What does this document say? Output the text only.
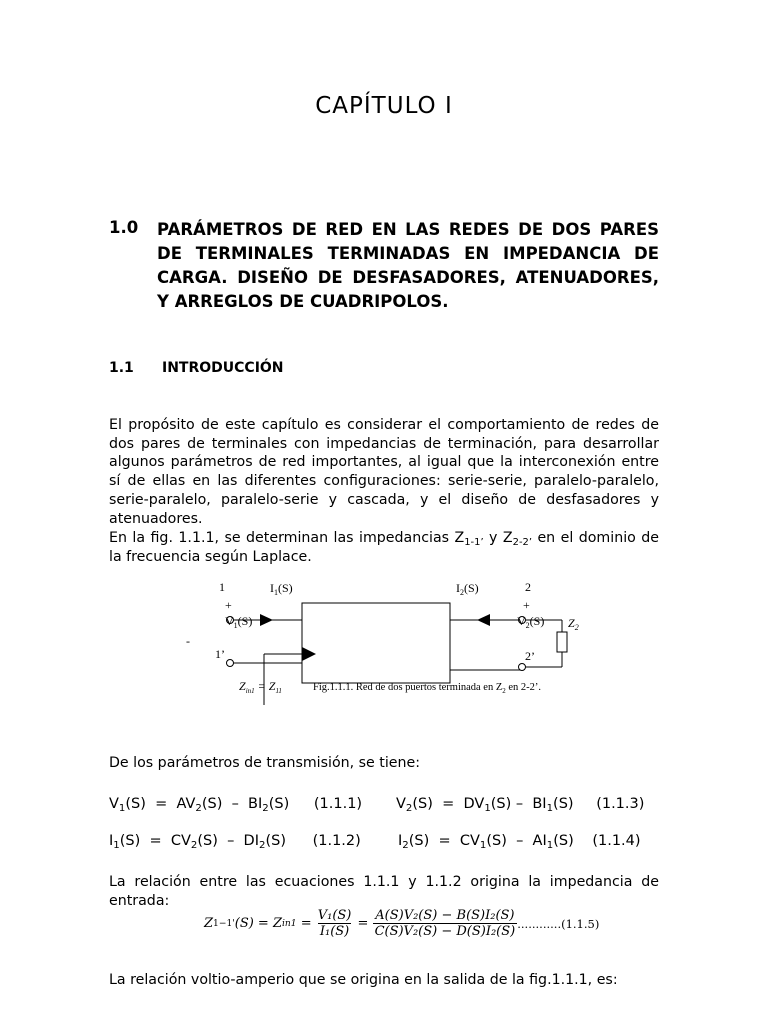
CAPÍTULO I
1.0 PARÁMETROS DE RED EN LAS REDES DE DOS PARES DE TERMINALES TERMINADAS EN IMPEDANCIA DE CARGA. DISEÑO DE DESFASADORES, ATENUADORES, Y ARREGLOS DE CUADRIPOLOS.
1.1 INTRODUCCIÓN
El propósito de este capítulo es considerar el comportamiento de redes de dos pares de terminales con impedancias de terminación, para desarrollar algunos parámetros de red importantes, al igual que la interconexión entre sí de ellas en las diferentes configuraciones: serie-serie, paralelo-paralelo, serie-paralelo, paralelo-serie y cascada, y el diseño de desfasadores y atenuadores.
En la fig. 1.1.1, se determinan las impedancias $Z_{1-1’}$ y $Z_{2-2’}$ en el dominio de la frecuencia según Laplace.
1	$I_1(S)$	$I_2(S)$	2
+	+
$V_1(S)$	$V_2(S)$ $Z_2$
-
1’	2’
$Z_{in1} = Z_{11}$	Fig.1.1.1. Red de dos puertos terminada en $Z_2$ en 2-2’.
De los parámetros de transmisión, se tiene:
$V_1(S) = AV_2(S) - BI_2(S)$ (1.1.1) $V_2(S) = DV_1(S) - BI_1(S)$ (1.1.3)
$I_1(S) = CV_2(S) - DI_2(S)$ (1.1.2)	$I_2(S) = CV_1(S) - AI_1(S)$ (1.1.4)
La relación entre las ecuaciones 1.1.1 y 1.1.2 origina la impedancia de entrada:
Z 1−1' (S) = Z $in1 = \frac{\text{V₁(S)}}{\text{I₁(S)}} = \frac{\text{A(S)V₂(S) − B(S)I₂(S)}}{\text{C(S)V₂(S) − D(S)I₂(S)}} ............(1.1.5)$
La relación voltio-amperio que se origina en la salida de la fig.1.1.1, es:
